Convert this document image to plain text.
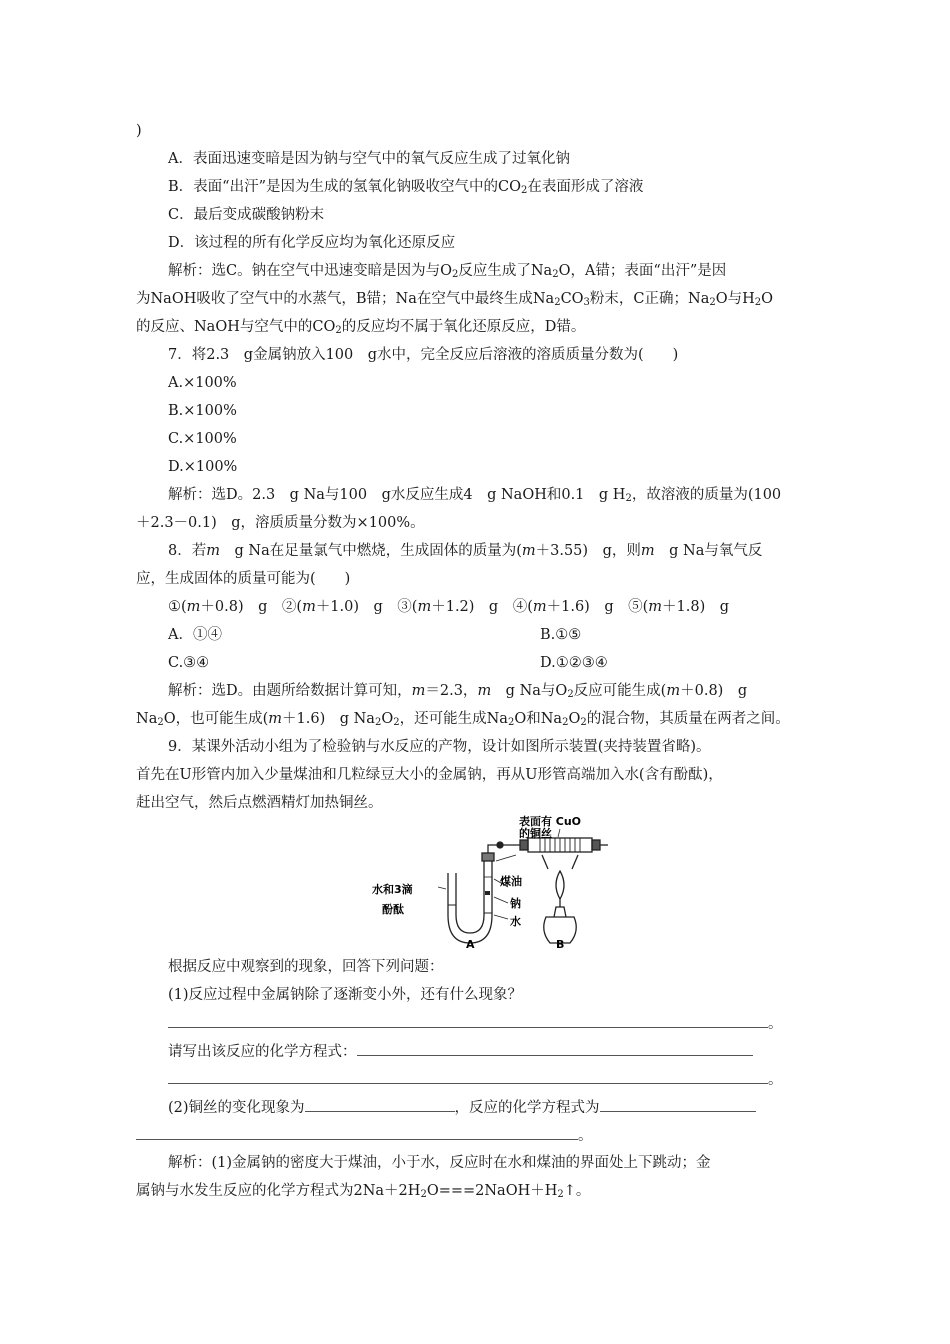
)
A．表面迅速变暗是因为钠与空气中的氧气反应生成了过氧化钠
B．表面“出汗”是因为生成的氢氧化钠吸收空气中的$CO_2$在表面形成了溶液
C．最后变成碳酸钠粉末
D．该过程的所有化学反应均为氧化还原反应
解析：选C。钠在空气中迅速变暗是因为与$O_2$反应生成了$Na_2O$，A错；表面“出汗”是因
为NaOH吸收了空气中的水蒸气，B错；Na在空气中最终生成$Na_2CO_3$粉末，C正确；$Na_2O$与$H_2O$
的反应、NaOH与空气中的$CO_2$的反应均不属于氧化还原反应，D错。
7．将2.3　g金属钠放入100　g水中，完全反应后溶液的溶质质量分数为(　　)
A.×100%
B.×100%
C.×100%
D.×100%
解析：选D。2.3　g Na与100　g水反应生成4　g NaOH和0.1　g $H_2$，故溶液的质量为(100
＋2.3－0.1)　g，溶质质量分数为×100%。
8．若m　g Na在足量氯气中燃烧，生成固体的质量为(m＋3.55)　g，则m　g Na与氧气反
应，生成固体的质量可能为(　　)
①(m＋0.8)　g　②(m＋1.0)　g　③(m＋1.2)　g　④(m＋1.6)　g　⑤(m＋1.8)　g
A．①④	B.①⑤
C.③④	D.①②③④
解析：选D。由题所给数据计算可知，m＝2.3，m　g Na与$O_2$反应可能生成(m＋0.8)　g
$Na_2O$，也可能生成(m＋1.6)　g $Na_2O_2$，还可能生成$Na_2O$和$Na_2O_2$的混合物，其质量在两者之间。
9．某课外活动小组为了检验钠与水反应的产物，设计如图所示装置(夹持装置省略)。
首先在U形管内加入少量煤油和几粒绿豆大小的金属钠，再从U形管高端加入水(含有酚酞)，
赶出空气，然后点燃酒精灯加热铜丝。
表面有 CuO
的铜丝
水和3滴
酚酞
煤油
钠
水
A	B
根据反应中观察到的现象，回答下列问题：
(1)反应过程中金属钠除了逐渐变小外，还有什么现象？
。
请写出该反应的化学方程式：
。
(2)铜丝的变化现象为	，反应的化学方程式为
。
解析：(1)金属钠的密度大于煤油，小于水，反应时在水和煤油的界面处上下跳动；金
属钠与水发生反应的化学方程式为$2Na+2H_2O===2NaOH+H_2↑$。
